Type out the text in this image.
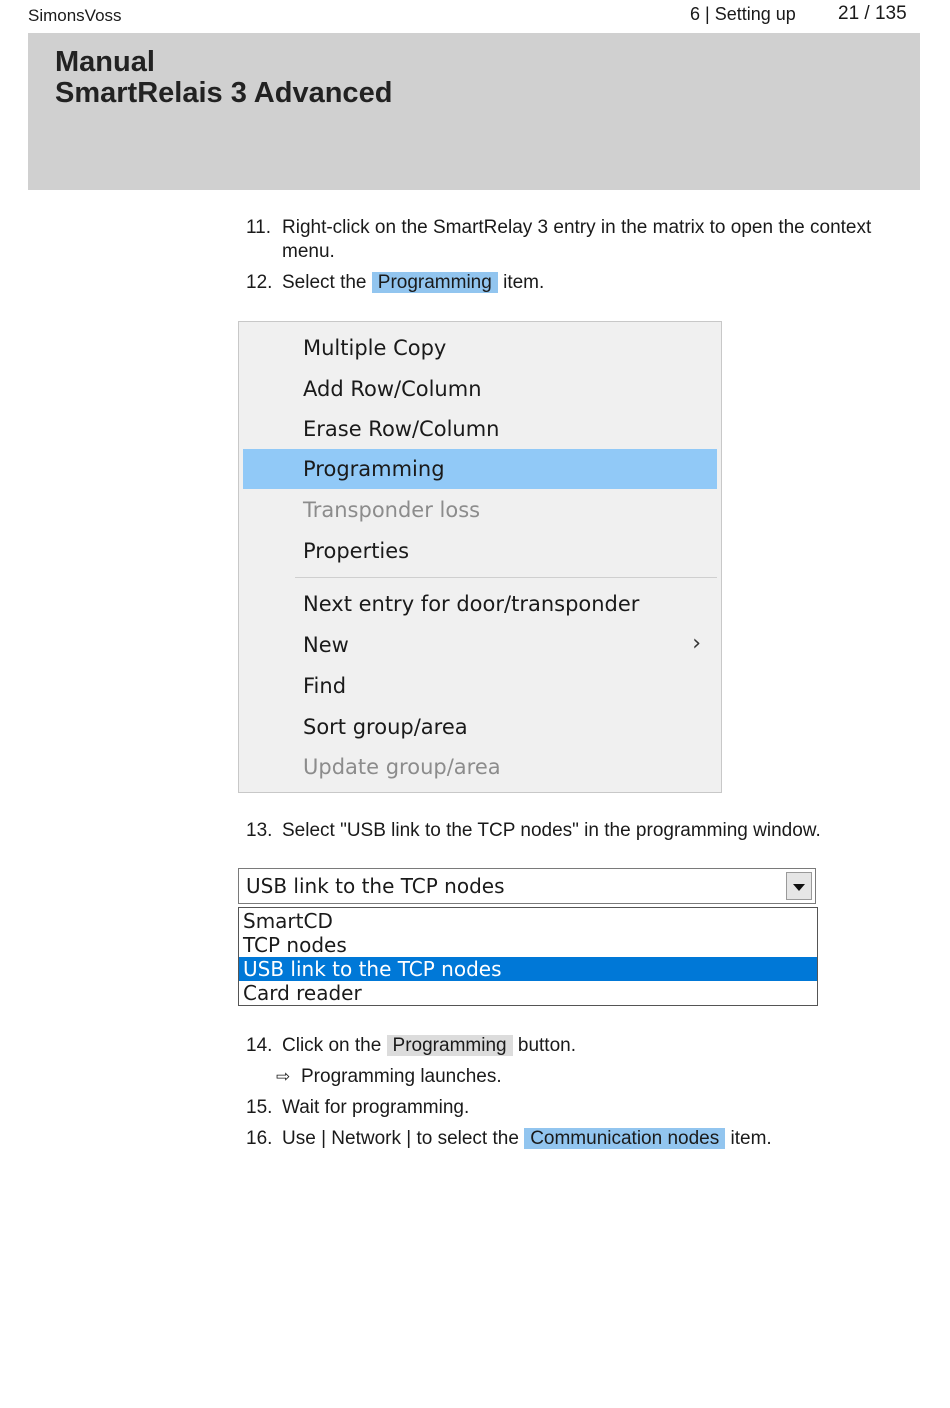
SimonsVoss	6 | Setting up 21 / 135
Manual
SmartRelais 3 Advanced
11. Right-click on the SmartRelay 3 entry in the matrix to open the context
menu.
12. Select the Programming item.
Multiple Copy
Add Row/Column
Erase Row/Column
Programming
Transponder loss
Properties
Next entry for door/transponder
New	›
Find
Sort group/area
Update group/area
13. Select "USB link to the TCP nodes" in the programming window.
USB link to the TCP nodes
SmartCD
TCP nodes
USB link to the TCP nodes
Card reader
14. Click on the Programming button.
⇨ Programming launches.
15. Wait for programming.
16. Use | Network | to select the Communication nodes item.
